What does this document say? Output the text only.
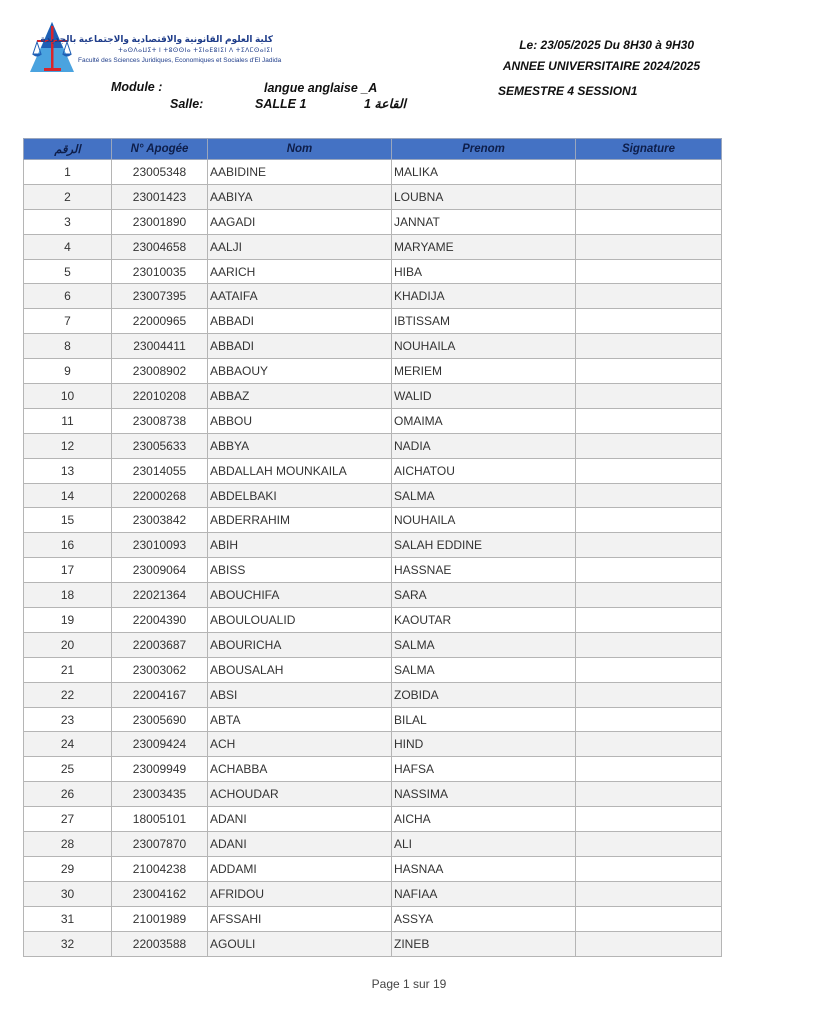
كلية العلوم القانونية والاقتصادية والاجتماعية بالجديدة
ⵜⴰⵙⴷⴰⵡⵉⵜ ⵏ ⵜⵓⵙⵙⵏⴰ ⵜⵉⵏⴰⴹⵓⵏⵉⵏ ⴷ ⵜⵉⴷⵎⵙⴰⵏⵉⵏ
Faculté des Sciences Juridiques, Economiques et Sociales d'El Jadida
Le: 23/05/2025 Du 8H30 à 9H30
ANNEE UNIVERSITAIRE 2024/2025
SEMESTRE 4 SESSION1
Module :	langue anglaise _A
Salle:	SALLE 1	القاعة 1
الرقم	N° Apogée	Nom	Prenom	Signature
1	23005348	AABIDINE	MALIKA	
2	23001423	AABIYA	LOUBNA	
3	23001890	AAGADI	JANNAT	
4	23004658	AALJI	MARYAME	
5	23010035	AARICH	HIBA	
6	23007395	AATAIFA	KHADIJA	
7	22000965	ABBADI	IBTISSAM	
8	23004411	ABBADI	NOUHAILA	
9	23008902	ABBAOUY	MERIEM	
10	22010208	ABBAZ	WALID	
11	23008738	ABBOU	OMAIMA	
12	23005633	ABBYA	NADIA	
13	23014055	ABDALLAH MOUNKAILA	AICHATOU	
14	22000268	ABDELBAKI	SALMA	
15	23003842	ABDERRAHIM	NOUHAILA	
16	23010093	ABIH	SALAH EDDINE	
17	23009064	ABISS	HASSNAE	
18	22021364	ABOUCHIFA	SARA	
19	22004390	ABOULOUALID	KAOUTAR	
20	22003687	ABOURICHA	SALMA	
21	23003062	ABOUSALAH	SALMA	
22	22004167	ABSI	ZOBIDA	
23	23005690	ABTA	BILAL	
24	23009424	ACH	HIND	
25	23009949	ACHABBA	HAFSA	
26	23003435	ACHOUDAR	NASSIMA	
27	18005101	ADANI	AICHA	
28	23007870	ADANI	ALI	
29	21004238	ADDAMI	HASNAA	
30	23004162	AFRIDOU	NAFIAA	
31	21001989	AFSSAHI	ASSYA	
32	22003588	AGOULI	ZINEB	
Page 1 sur 19
